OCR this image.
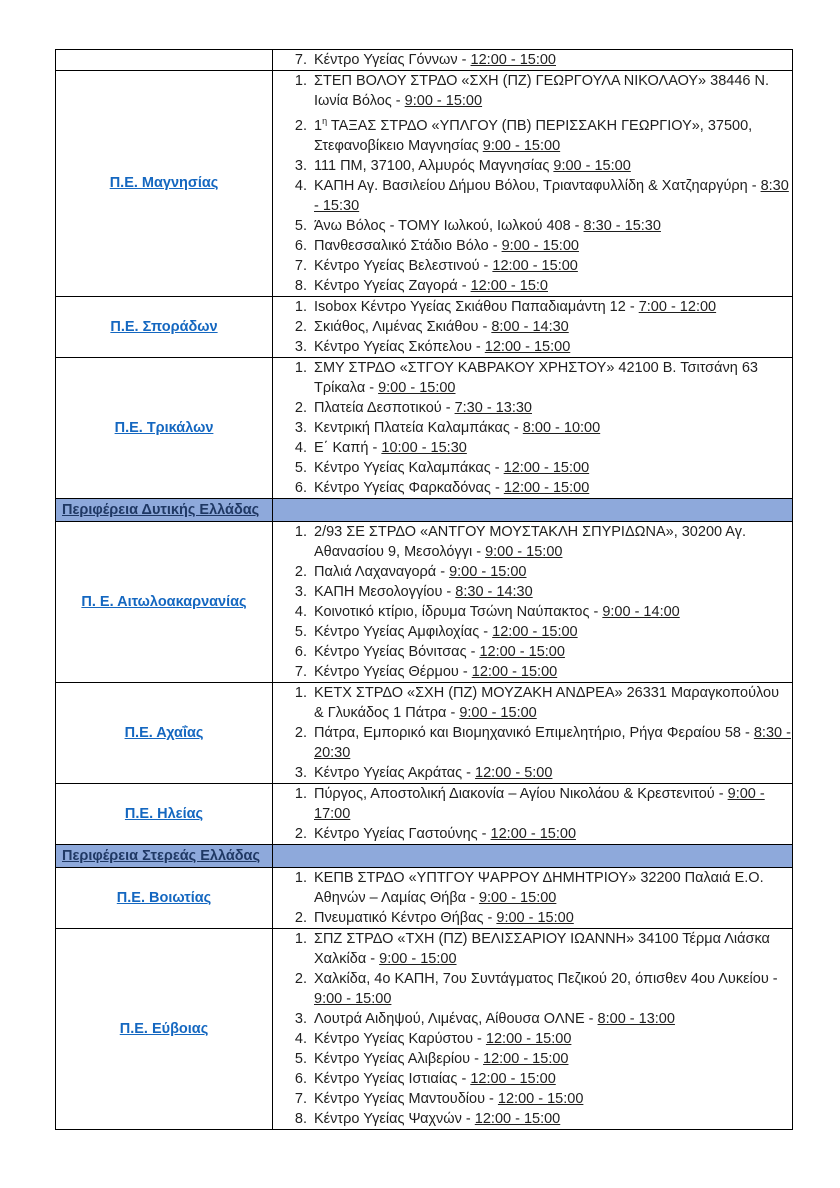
7. Κέντρο Υγείας Γόννων - 12:00 - 15:00

Π.Ε. Μαγνησίας	
1. ΣΤΕΠ ΒΟΛΟΥ ΣΤΡΔΟ «ΣΧΗ (ΠΖ) ΓΕΩΡΓΟΥΛΑ ΝΙΚΟΛΑΟΥ» 38446 Ν. Ιωνία Βόλος - 9:00 - 15:00
2. $1^\eta$ ΤΑΞΑΣ ΣΤΡΔΟ «ΥΠΛΓΟΥ (ΠΒ) ΠΕΡΙΣΣΑΚΗ ΓΕΩΡΓΙΟΥ», 37500, Στεφανοβίκειο Μαγνησίας 9:00 - 15:00
3. 111 ΠΜ, 37100, Αλμυρός Μαγνησίας 9:00 - 15:00
4. ΚΑΠΗ Αγ. Βασιλείου Δήμου Βόλου, Τριανταφυλλίδη & Χατζηαργύρη - 8:30 - 15:30
5. Άνω Βόλος - ΤΟΜΥ Ιωλκού, Ιωλκού 408 - 8:30 - 15:30
6. Πανθεσσαλικό Στάδιο Βόλο - 9:00 - 15:00
7. Κέντρο Υγείας Βελεστινού - 12:00 - 15:00
8. Κέντρο Υγείας Ζαγορά - 12:00 - 15:0

Π.Ε. Σποράδων	
1. Isobox Κέντρο Υγείας Σκιάθου Παπαδιαμάντη 12 - 7:00 - 12:00
2. Σκιάθος, Λιμένας Σκιάθου - 8:00 - 14:30
3. Κέντρο Υγείας Σκόπελου - 12:00 - 15:00

Π.Ε. Τρικάλων	
1. ΣΜΥ ΣΤΡΔΟ «ΣΤΓΟΥ ΚΑΒΡΑΚΟΥ ΧΡΗΣΤΟΥ» 42100 Β. Τσιτσάνη 63 Τρίκαλα - 9:00 - 15:00
2. Πλατεία Δεσποτικού - 7:30 - 13:30
3. Κεντρική Πλατεία Καλαμπάκας - 8:00 - 10:00
4. Ε΄ Καπή - 10:00 - 15:30
5. Κέντρο Υγείας Καλαμπάκας - 12:00 - 15:00
6. Κέντρο Υγείας Φαρκαδόνας - 12:00 - 15:00

Περιφέρεια Δυτικής Ελλάδας	
Π. Ε. Αιτωλοακαρνανίας	
1. 2/93 ΣΕ ΣΤΡΔΟ «ΑΝΤΓΟΥ ΜΟΥΣΤΑΚΛΗ ΣΠΥΡΙΔΩΝΑ», 30200 Αγ. Αθανασίου 9, Μεσολόγγι - 9:00 - 15:00
2. Παλιά Λαχαναγορά - 9:00 - 15:00
3. ΚΑΠΗ Μεσολογγίου - 8:30 - 14:30
4. Κοινοτικό κτίριο, ίδρυμα Τσώνη Ναύπακτος - 9:00 - 14:00
5. Κέντρο Υγείας Αμφιλοχίας - 12:00 - 15:00
6. Κέντρο Υγείας Βόνιτσας - 12:00 - 15:00
7. Κέντρο Υγείας Θέρμου - 12:00 - 15:00

Π.Ε. Αχαΐας	
1. ΚΕΤΧ ΣΤΡΔΟ «ΣΧΗ (ΠΖ) ΜΟΥΖΑΚΗ ΑΝΔΡΕΑ» 26331 Μαραγκοπούλου & Γλυκάδος 1 Πάτρα - 9:00 - 15:00
2. Πάτρα, Εμπορικό και Βιομηχανικό Επιμελητήριο, Ρήγα Φεραίου 58 - 8:30 - 20:30
3. Κέντρο Υγείας Ακράτας - 12:00 - 5:00

Π.Ε. Ηλείας	
1. Πύργος, Αποστολική Διακονία – Αγίου Νικολάου & Κρεστενιτού - 9:00 - 17:00
2. Κέντρο Υγείας Γαστούνης - 12:00 - 15:00

Περιφέρεια Στερεάς Ελλάδας	
Π.Ε. Βοιωτίας	
1. ΚΕΠΒ ΣΤΡΔΟ «ΥΠΤΓΟΥ ΨΑΡΡΟΥ ΔΗΜΗΤΡΙΟΥ» 32200 Παλαιά Ε.Ο. Αθηνών – Λαμίας Θήβα - 9:00 - 15:00
2. Πνευματικό Κέντρο Θήβας - 9:00 - 15:00

Π.Ε. Εύβοιας	
1. ΣΠΖ ΣΤΡΔΟ «ΤΧΗ (ΠΖ) ΒΕΛΙΣΣΑΡΙΟΥ ΙΩΑΝΝΗ» 34100 Τέρμα Λιάσκα Χαλκίδα - 9:00 - 15:00
2. Χαλκίδα, 4ο ΚΑΠΗ, 7ου Συντάγματος Πεζικού 20, όπισθεν 4ου Λυκείου - 9:00 - 15:00
3. Λουτρά Αιδηψού, Λιμένας, Αίθουσα ΟΛΝΕ - 8:00 - 13:00
4. Κέντρο Υγείας Καρύστου - 12:00 - 15:00
5. Κέντρο Υγείας Αλιβερίου - 12:00 - 15:00
6. Κέντρο Υγείας Ιστιαίας - 12:00 - 15:00
7. Κέντρο Υγείας Μαντουδίου - 12:00 - 15:00
8. Κέντρο Υγείας Ψαχνών - 12:00 - 15:00
